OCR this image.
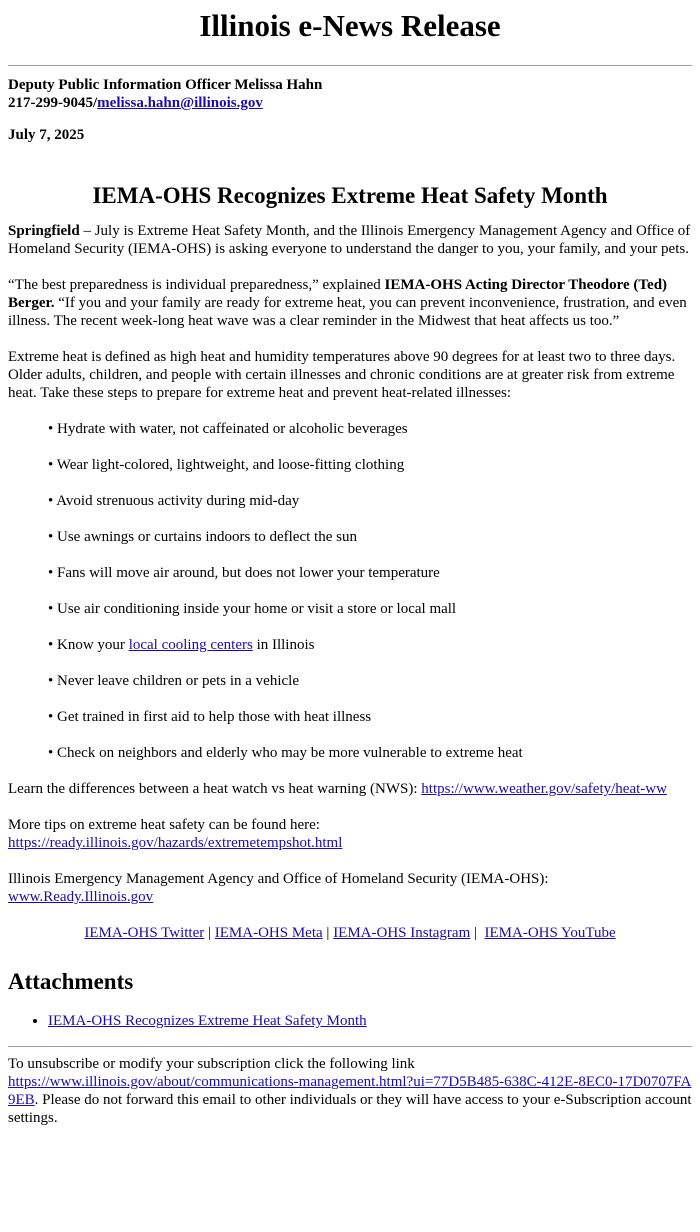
Illinois e-News Release
Deputy Public Information Officer Melissa Hahn
217-299-9045/melissa.hahn@illinois.gov
July 7, 2025
IEMA-OHS Recognizes Extreme Heat Safety Month

Springfield – July is Extreme Heat Safety Month, and the Illinois Emergency Management Agency and Office of Homeland Security (IEMA-OHS) is asking everyone to understand the danger to you, your family, and your pets.

“The best preparedness is individual preparedness,” explained IEMA-OHS Acting Director Theodore (Ted) Berger. “If you and your family are ready for extreme heat, you can prevent inconvenience, frustration, and even illness. The recent week-long heat wave was a clear reminder in the Midwest that heat affects us too.”

Extreme heat is defined as high heat and humidity temperatures above 90 degrees for at least two to three days. Older adults, children, and people with certain illnesses and chronic conditions are at greater risk from extreme heat. Take these steps to prepare for extreme heat and prevent heat-related illnesses:

• Hydrate with water, not caffeinated or alcoholic beverages
• Wear light-colored, lightweight, and loose-fitting clothing
• Avoid strenuous activity during mid-day
• Use awnings or curtains indoors to deflect the sun
• Fans will move air around, but does not lower your temperature
• Use air conditioning inside your home or visit a store or local mall
• Know your local cooling centers in Illinois
• Never leave children or pets in a vehicle
• Get trained in first aid to help those with heat illness
• Check on neighbors and elderly who may be more vulnerable to extreme heat

Learn the differences between a heat watch vs heat warning (NWS): https://www.weather.gov/safety/heat-ww

More tips on extreme heat safety can be found here:
https://ready.illinois.gov/hazards/extremetempshot.html

Illinois Emergency Management Agency and Office of Homeland Security (IEMA-OHS):
www.Ready.Illinois.gov

IEMA-OHS Twitter | IEMA-OHS Meta | IEMA-OHS Instagram |  IEMA-OHS YouTube
Attachments
• IEMA-OHS Recognizes Extreme Heat Safety Month

To unsubscribe or modify your subscription click the following link
https://www.illinois.gov/about/communications-management.html?ui=77D5B485-638C-412E-8EC0-17D0707FA9EB. Please do not forward this email to other individuals or they will have access to your e-Subscription account settings.
